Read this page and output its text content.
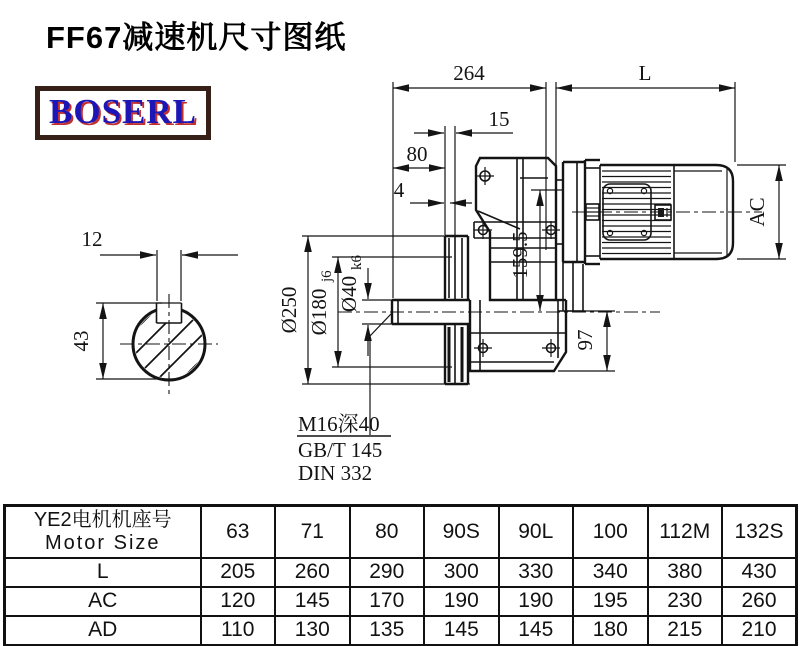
FF67减速机尺寸图纸
BOSERL
12
43
264	L
15
80
4
Ø250 Ø180
j6 Ø40
k6	159.5
97
AC
M16深40
GB/T 145
DIN 332
YE2电机机座号
Motor Size	63	71	80	90S	90L	100	112M	132S
L	205	260	290	300	330	340	380	430
AC	120	145	170	190	190	195	230	260
AD	110	130	135	145	145	180	215	210
